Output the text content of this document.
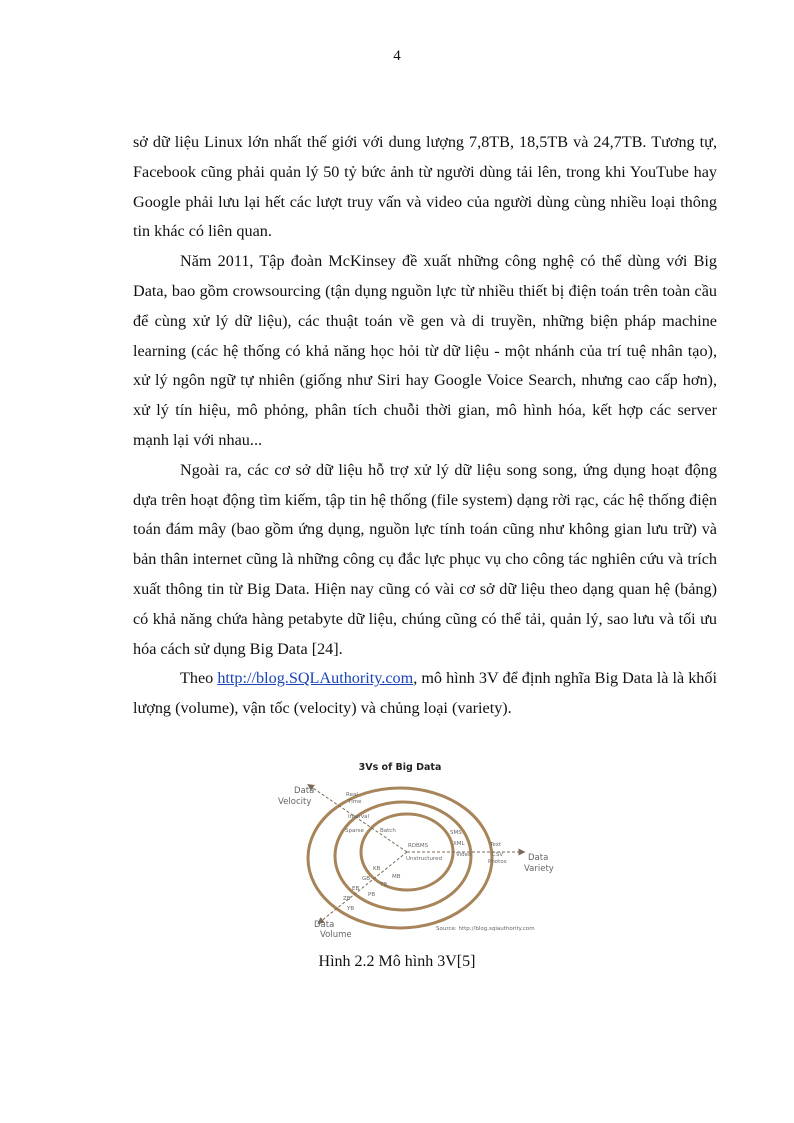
4

sở dữ liệu Linux lớn nhất thế giới với dung lượng 7,8TB, 18,5TB và 24,7TB. Tương tự, Facebook cũng phải quản lý 50 tỷ bức ảnh từ người dùng tải lên, trong khi YouTube hay Google phải lưu lại hết các lượt truy vấn và video của người dùng cùng nhiều loại thông tin khác có liên quan.

Năm 2011, Tập đoàn McKinsey đề xuất những công nghệ có thể dùng với Big Data, bao gồm crowsourcing (tận dụng nguồn lực từ nhiều thiết bị điện toán trên toàn cầu để cùng xử lý dữ liệu), các thuật toán về gen và di truyền, những biện pháp machine learning (các hệ thống có khả năng học hỏi từ dữ liệu - một nhánh của trí tuệ nhân tạo), xử lý ngôn ngữ tự nhiên (giống như Siri hay Google Voice Search, nhưng cao cấp hơn), xử lý tín hiệu, mô phỏng, phân tích chuỗi thời gian, mô hình hóa, kết hợp các server mạnh lại với nhau...

Ngoài ra, các cơ sở dữ liệu hỗ trợ xử lý dữ liệu song song, ứng dụng hoạt động dựa trên hoạt động tìm kiếm, tập tin hệ thống (file system) dạng rời rạc, các hệ thống điện toán đám mây (bao gồm ứng dụng, nguồn lực tính toán cũng như không gian lưu trữ) và bản thân internet cũng là những công cụ đắc lực phục vụ cho công tác nghiên cứu và trích xuất thông tin từ Big Data. Hiện nay cũng có vài cơ sở dữ liệu theo dạng quan hệ (bảng) có khả năng chứa hàng petabyte dữ liệu, chúng cũng có thể tải, quản lý, sao lưu và tối ưu hóa cách sử dụng Big Data [24].

Theo http://blog.SQLAuthority.com, mô hình 3V để định nghĩa Big Data là là khối lượng (volume), vận tốc (velocity) và chủng loại (variety).

3Vs of Big Data
Data
Velocity
Data
Variety
Data
Volume
Real
Time
Interval
Sparse	Batch
RDBMS
SMS
XML
Video
Text
CSV
Photos
Unstructured
KB
MB
GB
TB
PB
EB
ZB
YB
Source: http://blog.sqlauthority.com
Hình 2.2 Mô hình 3V[5]
